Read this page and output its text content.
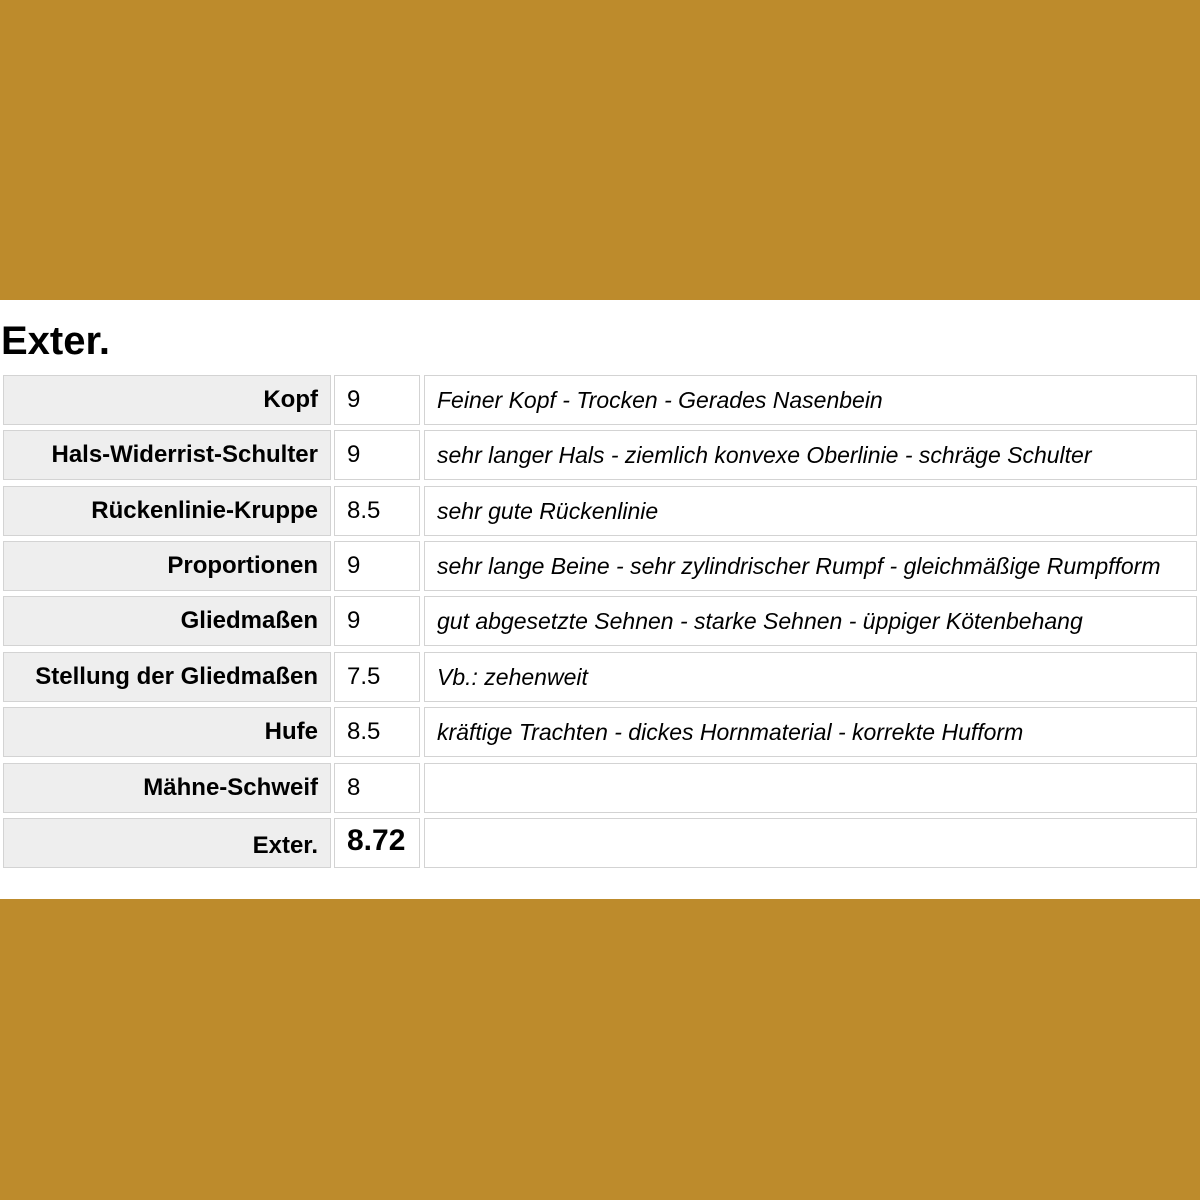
Exter.
Kopf	9	Feiner Kopf - Trocken - Gerades Nasenbein
Hals-Widerrist-Schulter	9	sehr langer Hals - ziemlich konvexe Oberlinie - schräge Schulter
Rückenlinie-Kruppe	8.5	sehr gute Rückenlinie
Proportionen	9	sehr lange Beine - sehr zylindrischer Rumpf - gleichmäßige Rumpfform
Gliedmaßen	9	gut abgesetzte Sehnen - starke Sehnen - üppiger Kötenbehang
Stellung der Gliedmaßen	7.5	Vb.: zehenweit
Hufe	8.5	kräftige Trachten - dickes Hornmaterial - korrekte Hufform
Mähne-Schweif	8
Exter. 8.72
